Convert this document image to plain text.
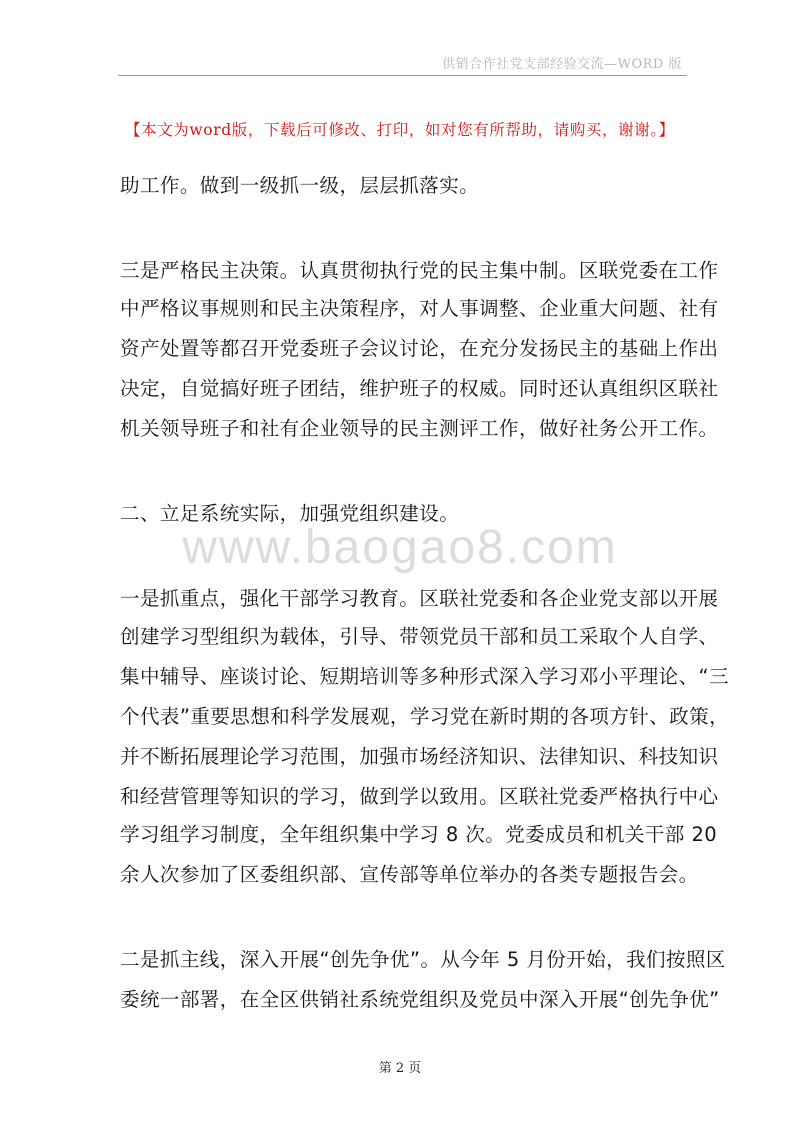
供销合作社党支部经验交流—WORD 版
【本文为word版，下载后可修改、打印，如对您有所帮助，请购买，谢谢。】
www.baogao8.com
助工作。做到一级抓一级，层层抓落实。
三是严格民主决策。认真贯彻执行党的民主集中制。区联党委在工作
中严格议事规则和民主决策程序，对人事调整、企业重大问题、社有
资产处置等都召开党委班子会议讨论，在充分发扬民主的基础上作出
决定，自觉搞好班子团结，维护班子的权威。同时还认真组织区联社
机关领导班子和社有企业领导的民主测评工作，做好社务公开工作。
二、立足系统实际，加强党组织建设。
一是抓重点，强化干部学习教育。区联社党委和各企业党支部以开展
创建学习型组织为载体，引导、带领党员干部和员工采取个人自学、
集中辅导、座谈讨论、短期培训等多种形式深入学习邓小平理论、“三
个代表”重要思想和科学发展观，学习党在新时期的各项方针、政策，
并不断拓展理论学习范围，加强市场经济知识、法律知识、科技知识
和经营管理等知识的学习，做到学以致用。区联社党委严格执行中心
学习组学习制度，全年组织集中学习 8 次。党委成员和机关干部 20
余人次参加了区委组织部、宣传部等单位举办的各类专题报告会。
二是抓主线，深入开展“创先争优”。从今年 5 月份开始，我们按照区
委统一部署，在全区供销社系统党组织及党员中深入开展“创先争优”
第 2 页
